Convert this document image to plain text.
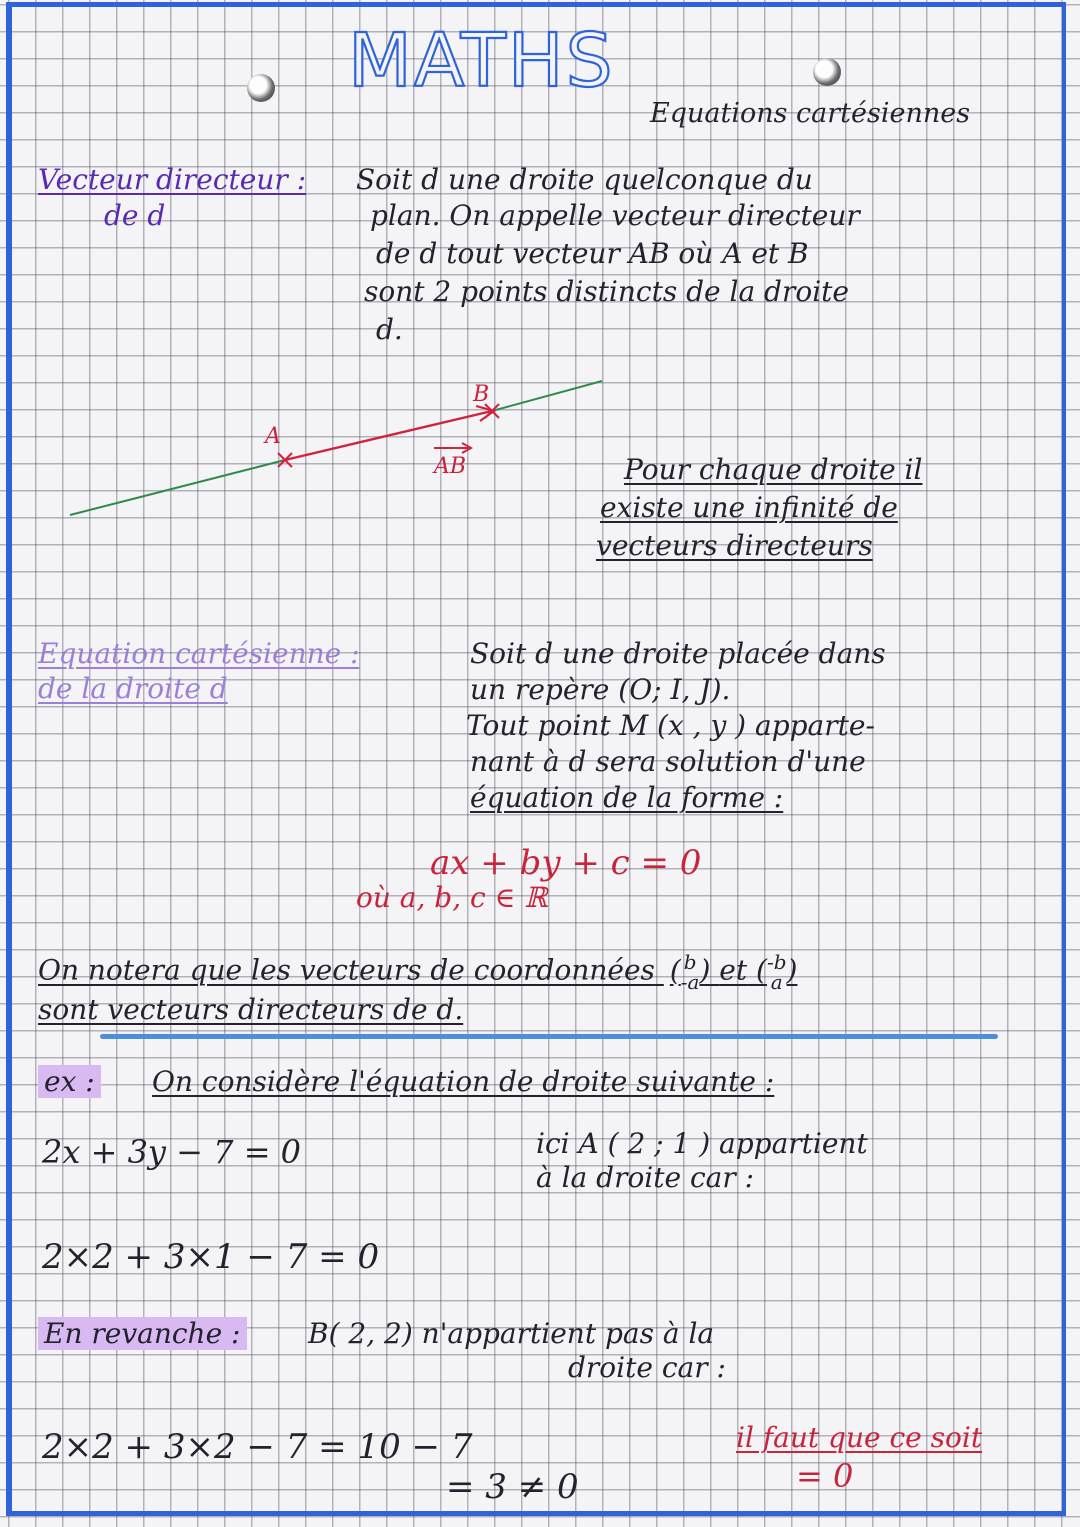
MATHS
Equations cartésiennes
Vecteur directeur :
de d
Soit d une droite quelconque du
plan. On appelle vecteur directeur
de d tout vecteur AB où A et B
sont 2 points distincts de la droite
d.
A
B
AB	Pour chaque droite il
existe une infinité de
vecteurs directeurs
Equation cartésienne :
de la droite d
Soit d une droite placée dans
un repère (O; I, J).
Tout point M (x , y ) apparte-
nant à d sera solution d'une
équation de la forme :
ax + by + c = 0
où a, b, c ∈ ℝ
On notera que les vecteurs de coordonnées ( b
-a) et (-b
a )
sont vecteurs directeurs de d.
ex : On considère l'équation de droite suivante :
2x + 3y − 7 = 0	ici A ( 2 ; 1 ) appartient
à la droite car :
2×2 + 3×1 − 7 = 0
En revanche : B( 2, 2) n'appartient pas à la
droite car :
2×2 + 3×2 − 7 = 10 − 7
= 3 ≠ 0
il faut que ce soit
= 0
